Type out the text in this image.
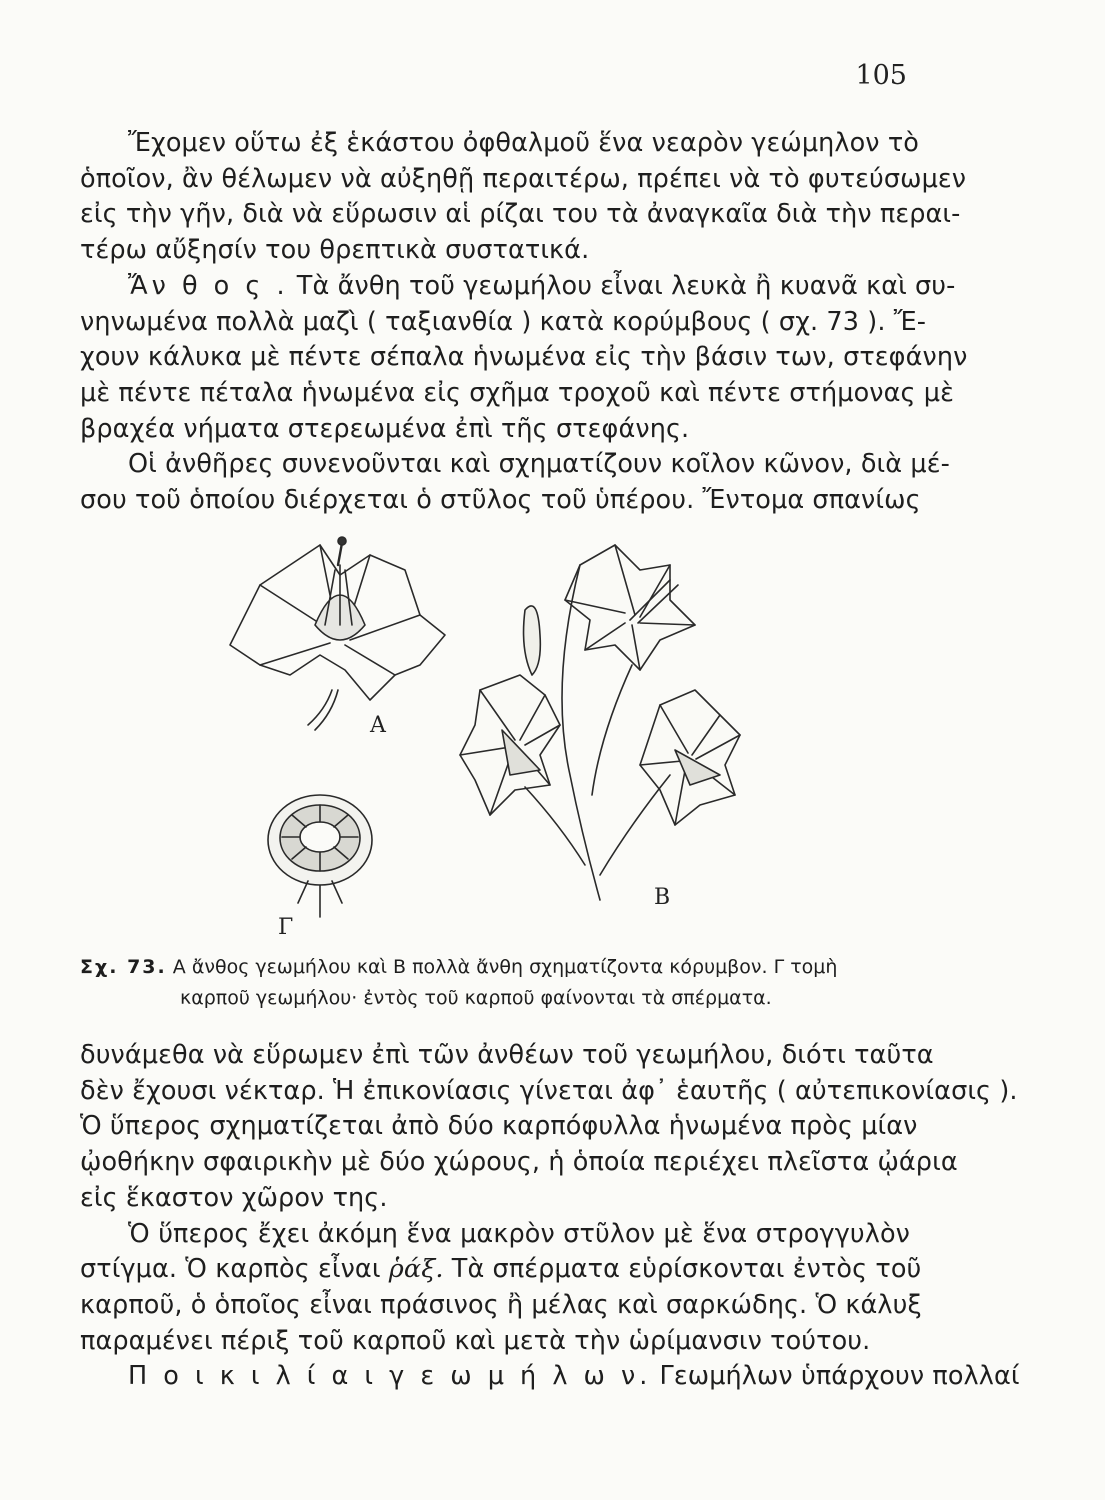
105
Ἔχομεν οὕτω ἐξ ἑκάστου ὀφθαλμοῦ ἕνα νεαρὸν γεώμηλον τὸ
ὁποῖον, ἂν θέλωμεν νὰ αὐξηθῇ περαιτέρω, πρέπει νὰ τὸ φυτεύσωμεν
εἰς τὴν γῆν, διὰ νὰ εὕρωσιν αἱ ρίζαι του τὰ ἀναγκαῖα διὰ τὴν περαι-
τέρω αὔξησίν του θρεπτικὰ συστατικά.
Ἄν θ ο ς . Τὰ ἄνθη τοῦ γεωμήλου εἶναι λευκὰ ἢ κυανᾶ καὶ συ-
νηνωμένα πολλὰ μαζὶ ( ταξιανθία ) κατὰ κορύμβους ( σχ. 73 ). Ἔ-
χουν κάλυκα μὲ πέντε σέπαλα ἡνωμένα εἰς τὴν βάσιν των, στεφάνην
μὲ πέντε πέταλα ἡνωμένα εἰς σχῆμα τροχοῦ καὶ πέντε στήμονας μὲ
βραχέα νήματα στερεωμένα ἐπὶ τῆς στεφάνης.
Οἱ ἀνθῆρες συνενοῦνται καὶ σχηματίζουν κοῖλον κῶνον, διὰ μέ-
σου τοῦ ὁποίου διέρχεται ὁ στῦλος τοῦ ὑπέρου. Ἔντομα σπανίως
Α
Β
Γ
Σχ. 73. Α ἄνθος γεωμήλου καὶ Β πολλὰ ἄνθη σχηματίζοντα κόρυμβον. Γ τομὴ
καρποῦ γεωμήλου· ἐντὸς τοῦ καρποῦ φαίνονται τὰ σπέρματα.
δυνάμεθα νὰ εὕρωμεν ἐπὶ τῶν ἀνθέων τοῦ γεωμήλου, διότι ταῦτα
δὲν ἔχουσι νέκταρ. Ἡ ἐπικονίασις γίνεται ἀφ᾽ ἑαυτῆς ( αὐτεπικονίασις ).
Ὁ ὕπερος σχηματίζεται ἀπὸ δύο καρπόφυλλα ἡνωμένα πρὸς μίαν
ᾠοθήκην σφαιρικὴν μὲ δύο χώρους, ἡ ὁποία περιέχει πλεῖστα ᾠάρια
εἰς ἕκαστον χῶρον της.
Ὁ ὕπερος ἔχει ἀκόμη ἕνα μακρὸν στῦλον μὲ ἕνα στρογγυλὸν
στίγμα. Ὁ καρπὸς εἶναι ῥάξ. Τὰ σπέρματα εὑρίσκονται ἐντὸς τοῦ
καρποῦ, ὁ ὁποῖος εἶναι πράσινος ἢ μέλας καὶ σαρκώδης. Ὁ κάλυξ
παραμένει πέριξ τοῦ καρποῦ καὶ μετὰ τὴν ὡρίμανσιν τούτου.
Π ο ι κ ι λ ί α ι γ ε ω μ ή λ ω ν. Γεωμήλων ὑπάρχουν πολλαί
